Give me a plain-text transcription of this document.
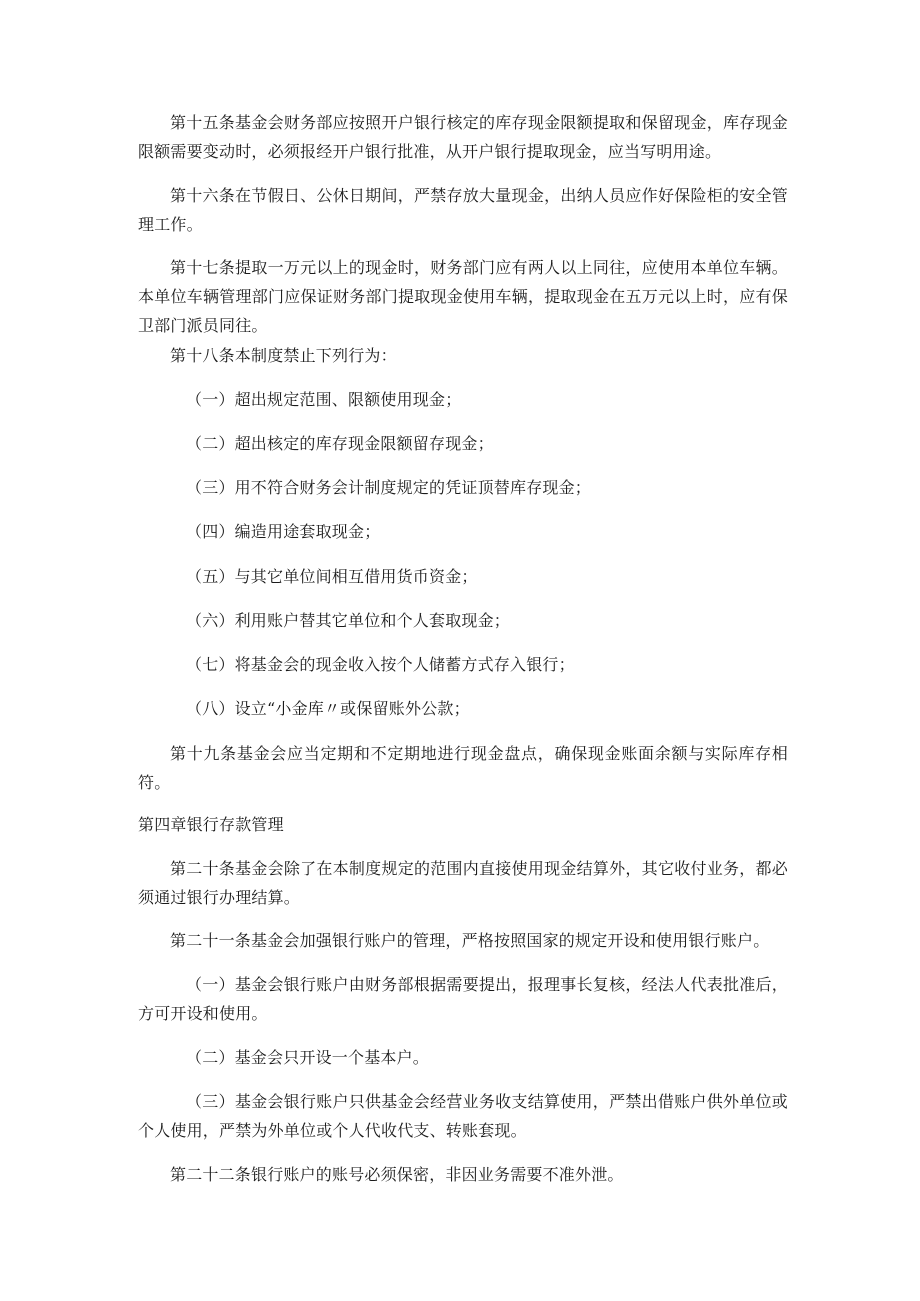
第十五条基金会财务部应按照开户银行核定的库存现金限额提取和保留现金，库存现金限额需要变动时，必须报经开户银行批准，从开户银行提取现金，应当写明用途。

第十六条在节假日、公休日期间，严禁存放大量现金，出纳人员应作好保险柜的安全管理工作。

第十七条提取一万元以上的现金时，财务部门应有两人以上同往，应使用本单位车辆。本单位车辆管理部门应保证财务部门提取现金使用车辆，提取现金在五万元以上时，应有保卫部门派员同往。

第十八条本制度禁止下列行为：

（一）超出规定范围、限额使用现金；

（二）超出核定的库存现金限额留存现金；

（三）用不符合财务会计制度规定的凭证顶替库存现金；

（四）编造用途套取现金；

（五）与其它单位间相互借用货币资金；

（六）利用账户替其它单位和个人套取现金；

（七）将基金会的现金收入按个人储蓄方式存入银行；

（八）设立“小金库〃或保留账外公款；

第十九条基金会应当定期和不定期地进行现金盘点，确保现金账面余额与实际库存相符。

第四章银行存款管理

第二十条基金会除了在本制度规定的范围内直接使用现金结算外，其它收付业务，都必须通过银行办理结算。

第二十一条基金会加强银行账户的管理，严格按照国家的规定开设和使用银行账户。

（一）基金会银行账户由财务部根据需要提出，报理事长复核，经法人代表批准后，方可开设和使用。

（二）基金会只开设一个基本户。

（三）基金会银行账户只供基金会经营业务收支结算使用，严禁出借账户供外单位或个人使用，严禁为外单位或个人代收代支、转账套现。

第二十二条银行账户的账号必须保密，非因业务需要不准外泄。
